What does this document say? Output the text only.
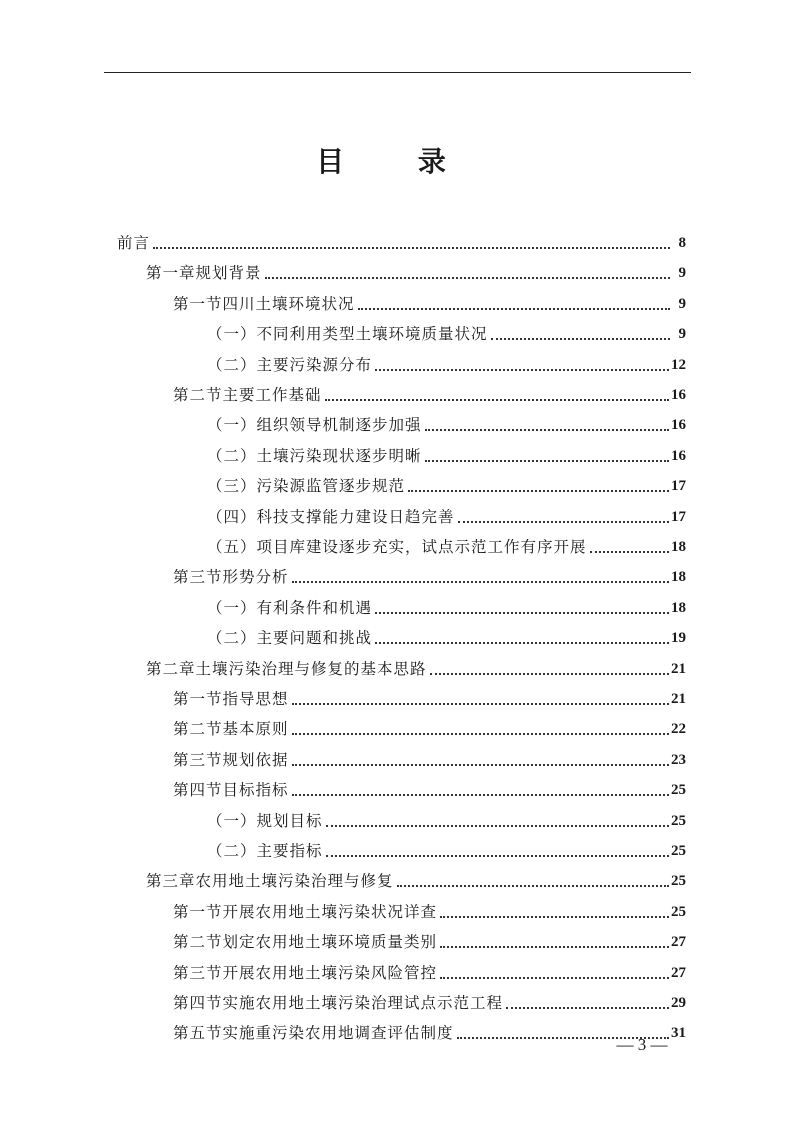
目 录
前言	8
第一章规划背景	9
第一节四川土壤环境状况	9
（一）不同利用类型土壤环境质量状况	9
（二）主要污染源分布	12
第二节主要工作基础	16
（一）组织领导机制逐步加强	16
（二）土壤污染现状逐步明晰	16
（三）污染源监管逐步规范	17
（四）科技支撑能力建设日趋完善	17
（五）项目库建设逐步充实，试点示范工作有序开展	18
第三节形势分析	18
（一）有利条件和机遇	18
（二）主要问题和挑战	19
第二章土壤污染治理与修复的基本思路	21
第一节指导思想	21
第二节基本原则	22
第三节规划依据	23
第四节目标指标	25
（一）规划目标	25
（二）主要指标	25
第三章农用地土壤污染治理与修复	25
第一节开展农用地土壤污染状况详查	25
第二节划定农用地土壤环境质量类别	27
第三节开展农用地土壤污染风险管控	27
第四节实施农用地土壤污染治理试点示范工程	29
第五节实施重污染农用地调查评估制度	31
— 3 —
